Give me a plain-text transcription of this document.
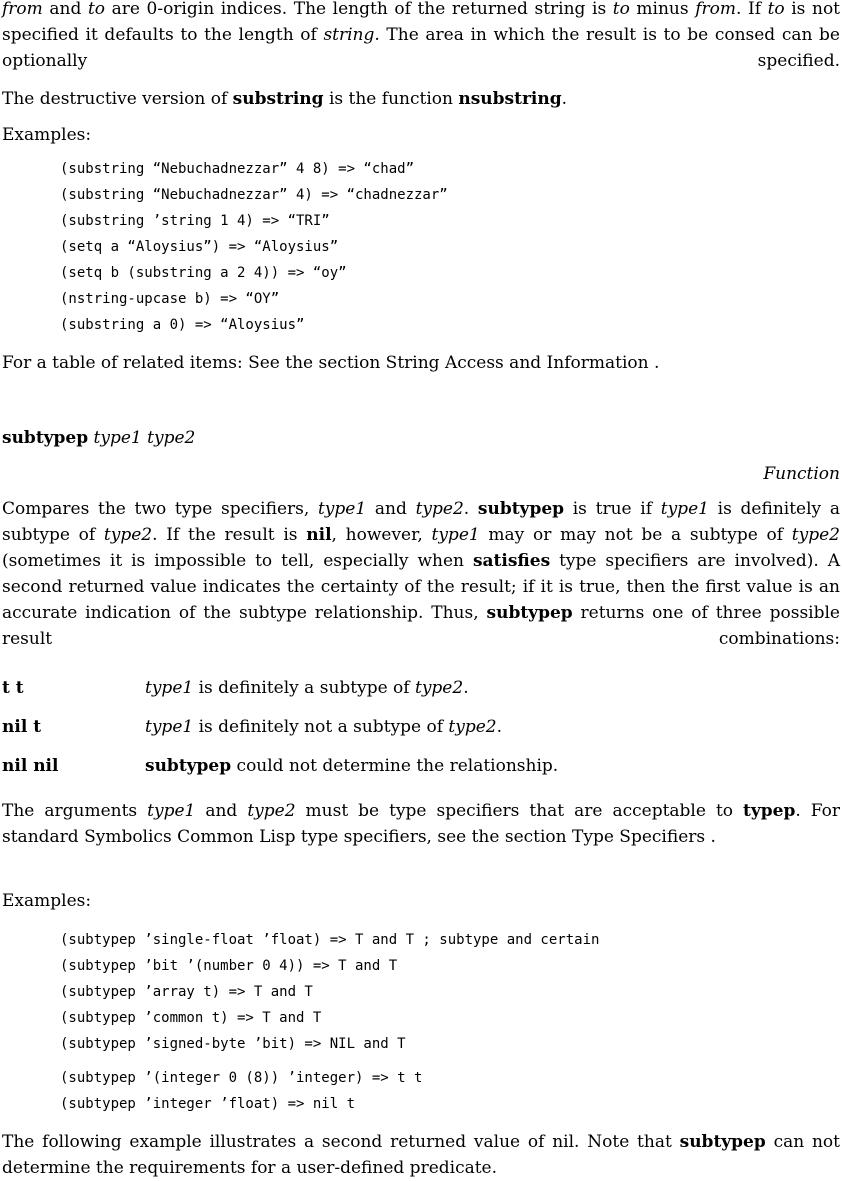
from and to are 0-origin indices. The length of the returned string is to minus from. If to is not specified it defaults to the length of string. The area in which the result is to be consed can be optionally specified.
The destructive version of substring is the function nsubstring.
Examples:
(substring “Nebuchadnezzar” 4 8) => “chad”
(substring “Nebuchadnezzar” 4) => “chadnezzar”
(substring ’string 1 4) => “TRI”
(setq a “Aloysius”) => “Aloysius”
(setq b (substring a 2 4)) => “oy”
(nstring-upcase b) => “OY”
(substring a 0) => “Aloysius”
For a table of related items: See the section String Access and Information .
subtypep type1 type2
Function
Compares the two type specifiers, type1 and type2. subtypep is true if type1 is definitely a subtype of type2. If the result is nil, however, type1 may or may not be a subtype of type2 (sometimes it is impossible to tell, especially when satisfies type specifiers are involved). A second returned value indicates the certainty of the result; if it is true, then the first value is an accurate indication of the subtype relationship. Thus, subtypep returns one of three possible result combinations:
t t	type1 is definitely a subtype of type2.
nil t	type1 is definitely not a subtype of type2.
nil nil	subtypep could not determine the relationship.
The arguments type1 and type2 must be type specifiers that are acceptable to typep. For standard Symbolics Common Lisp type specifiers, see the section Type Specifiers .
Examples:
(subtypep ’single-float ’float) => T and T ; subtype and certain
(subtypep ’bit ’(number 0 4)) => T and T
(subtypep ’array t) => T and T
(subtypep ’common t) => T and T
(subtypep ’signed-byte ’bit) => NIL and T
(subtypep ’(integer 0 (8)) ’integer) => t t
(subtypep ’integer ’float) => nil t
The following example illustrates a second returned value of nil. Note that subtypep can not determine the requirements for a user-defined predicate.
